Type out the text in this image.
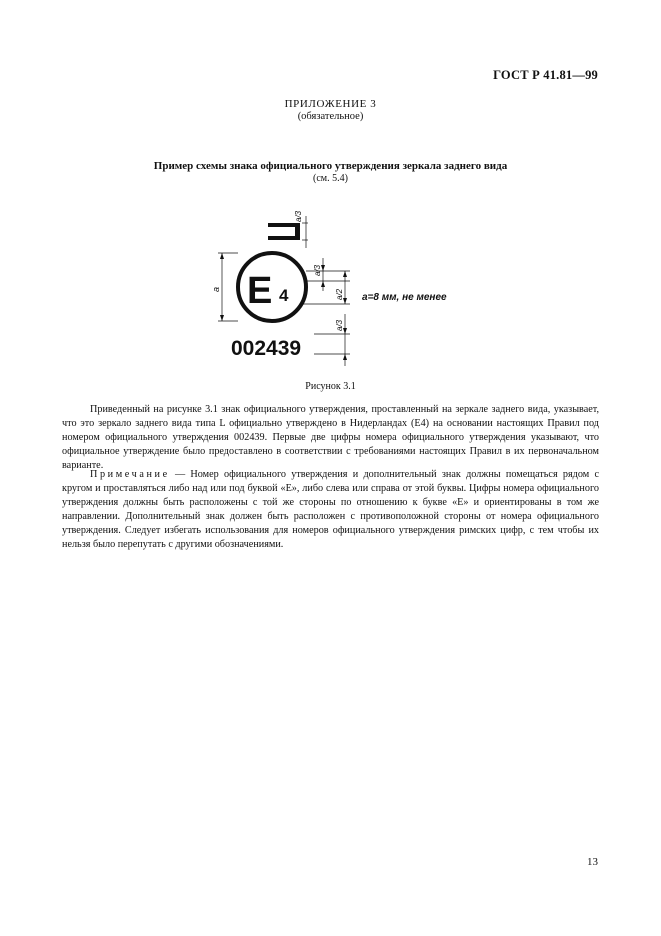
ГОСТ Р 41.81—99
ПРИЛОЖЕНИЕ 3
(обязательное)
Пример схемы знака официального утверждения зеркала заднего вида
(см. 5.4)
a/3
E 4
a
a/3
a/2 a=8 мм, не менее
002439
a/3
Рисунок 3.1

Приведенный на рисунке 3.1 знак официального утверждения, проставленный на зеркале заднего вида, указывает, что это зеркало заднего вида типа L официально утверждено в Нидерландах (E4) на основании настоящих Правил под номером официального утверждения 002439. Первые две цифры номера официального утверждения указывают, что официальное утверждение было предоставлено в соответствии с требованиями настоящих Правил в их первоначальном варианте.

Примечание — Номер официального утверждения и дополнительный знак должны помещаться рядом с кругом и проставляться либо над или под буквой «E», либо слева или справа от этой буквы. Цифры номера официального утверждения должны быть расположены с той же стороны по отношению к букве «E» и ориентированы в том же направлении. Дополнительный знак должен быть расположен с противоположной стороны от номера официального утверждения. Следует избегать использования для номеров официального утверждения римских цифр, с тем чтобы их нельзя было перепутать с другими обозначениями.

13
